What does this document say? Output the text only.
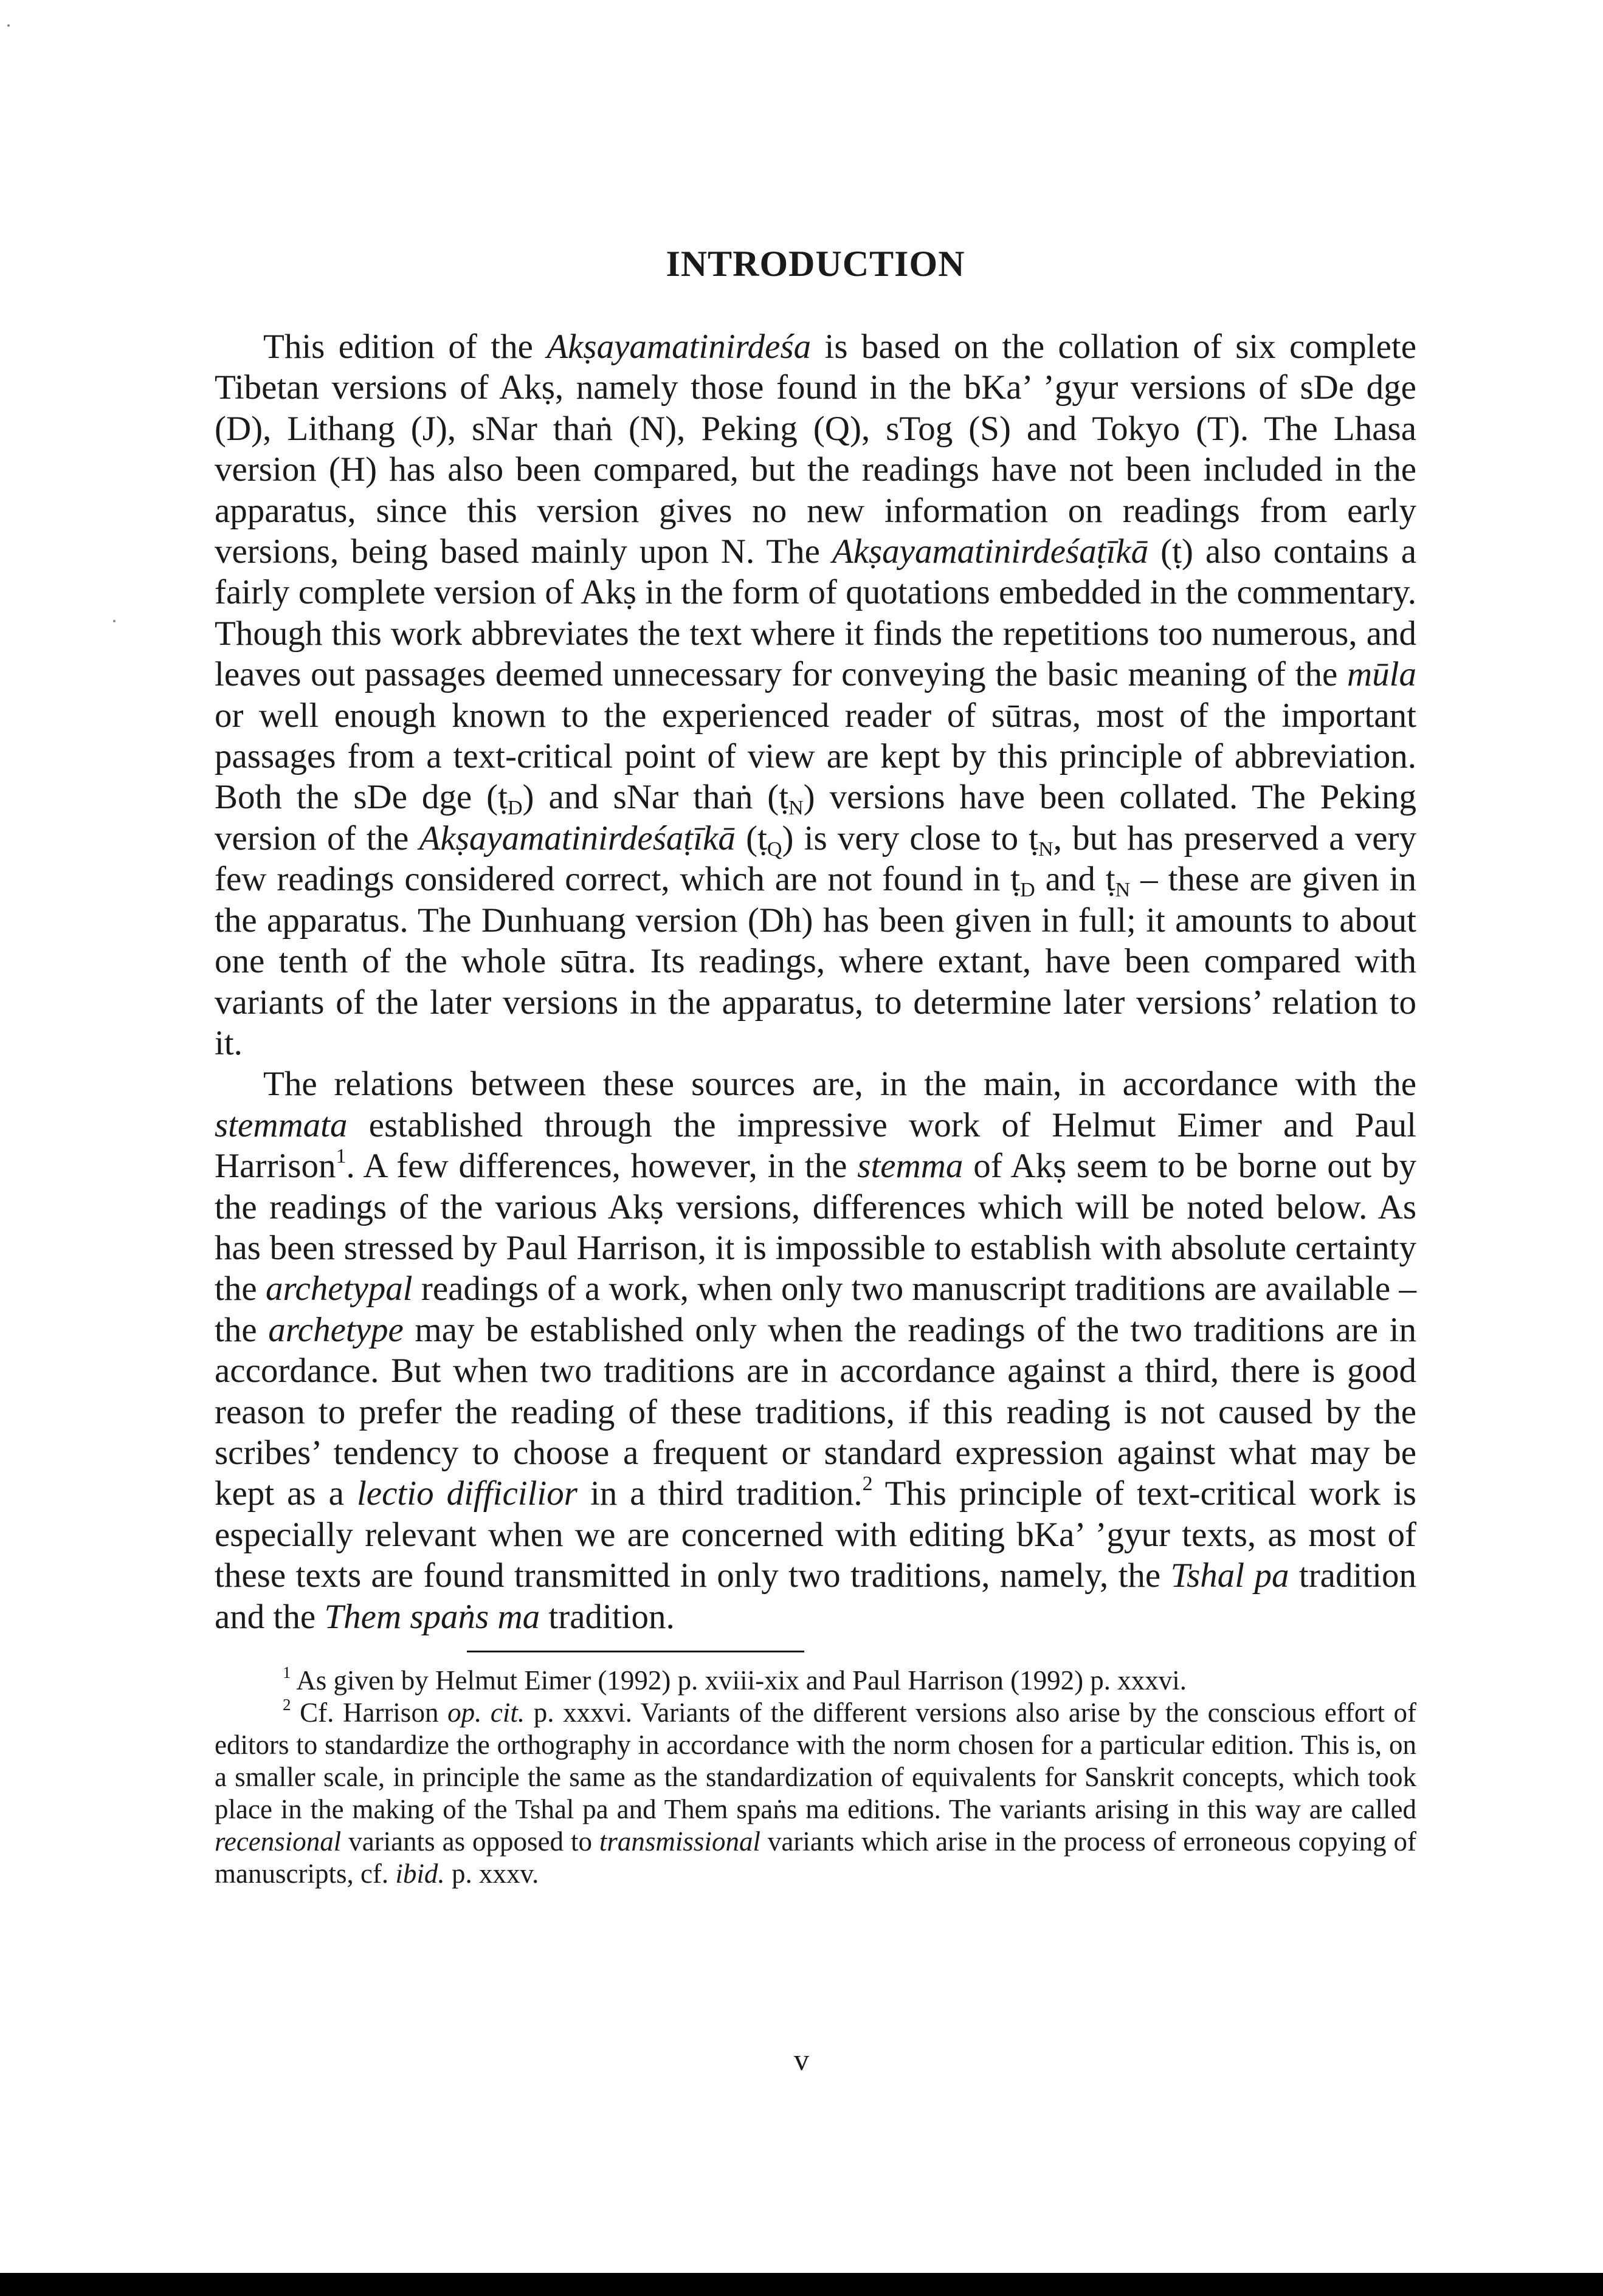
INTRODUCTION

This edition of the Akṣayamatinirdeśa is based on the collation of six complete Tibetan versions of Akṣ, namely those found in the bKa’ ’gyur versions of sDe dge (D), Lithang (J), sNar thaṅ (N), Peking (Q), sTog (S) and Tokyo (T). The Lhasa version (H) has also been compared, but the readings have not been included in the apparatus, since this version gives no new information on readings from early versions, being based mainly upon N. The Akṣayamatinirdeśaṭīkā (ṭ) also contains a fairly complete version of Akṣ in the form of quotations embedded in the commentary. Though this work abbreviates the text where it finds the repetitions too numerous, and leaves out passages deemed unnecessary for conveying the basic meaning of the mūla or well enough known to the experienced reader of sūtras, most of the important passages from a text-critical point of view are kept by this principle of abbreviation. Both the sDe dge (ṭ$_D$) and sNar thaṅ (ṭ$_N$) versions have been collated. The Peking version of the Akṣayamatinirdeśaṭīkā (ṭ$_Q$) is very close to ṭ$_N$, but has preserved a very few readings considered correct, which are not found in ṭ$_D$ and ṭ$_N$ – these are given in the apparatus. The Dunhuang version (Dh) has been given in full; it amounts to about one tenth of the whole sūtra. Its readings, where extant, have been compared with variants of the later versions in the apparatus, to determine later versions’ relation to it.

The relations between these sources are, in the main, in accordance with the stemmata established through the impressive work of Helmut Eimer and Paul Harrison$^1$. A few differences, however, in the stemma of Akṣ seem to be borne out by the readings of the various Akṣ versions, differences which will be noted below. As has been stressed by Paul Harrison, it is impossible to establish with absolute certainty the archetypal readings of a work, when only two manuscript traditions are available – the archetype may be established only when the readings of the two traditions are in accordance. But when two traditions are in accordance against a third, there is good reason to prefer the reading of these traditions, if this reading is not caused by the scribes’ tendency to choose a frequent or standard expression against what may be kept as a lectio difficilior in a third tradition.$^2$ This principle of text-critical work is especially relevant when we are concerned with editing bKa’ ’gyur texts, as most of these texts are found transmitted in only two traditions, namely, the Tshal pa tradition and the Them spaṅs ma tradition.

$^1$ As given by Helmut Eimer (1992) p. xviii-xix and Paul Harrison (1992) p. xxxvi.

$^2$ Cf. Harrison op. cit. p. xxxvi. Variants of the different versions also arise by the conscious effort of editors to standardize the orthography in accordance with the norm chosen for a particular edition. This is, on a smaller scale, in principle the same as the standardization of equivalents for Sanskrit concepts, which took place in the making of the Tshal pa and Them spaṅs ma editions. The variants arising in this way are called recensional variants as opposed to transmissional variants which arise in the process of erroneous copying of manuscripts, cf. ibid. p. xxxv.

v
